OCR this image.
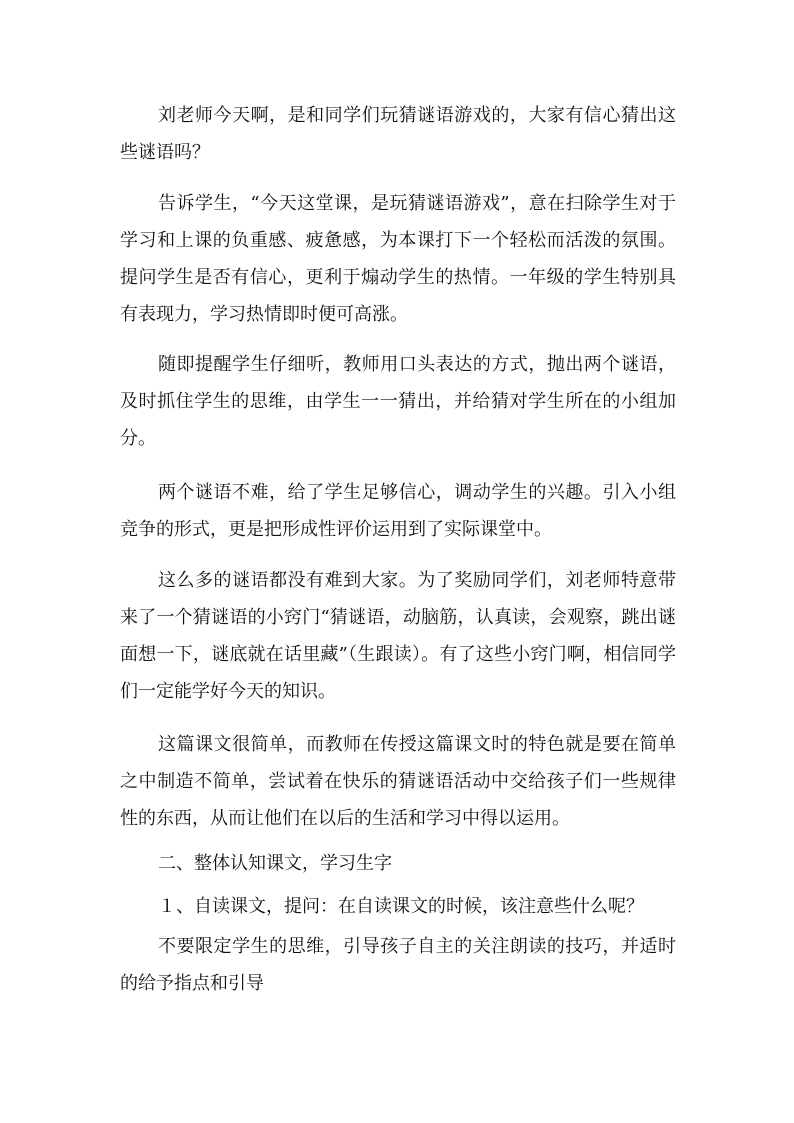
刘老师今天啊，是和同学们玩猜谜语游戏的，大家有信心猜出这些谜语吗？

告诉学生，“今天这堂课，是玩猜谜语游戏”，意在扫除学生对于学习和上课的负重感、疲惫感，为本课打下一个轻松而活泼的氛围。提问学生是否有信心，更利于煽动学生的热情。一年级的学生特别具有表现力，学习热情即时便可高涨。

随即提醒学生仔细听，教师用口头表达的方式，抛出两个谜语，及时抓住学生的思维，由学生一一猜出，并给猜对学生所在的小组加分。

两个谜语不难，给了学生足够信心，调动学生的兴趣。引入小组竞争的形式，更是把形成性评价运用到了实际课堂中。

这么多的谜语都没有难到大家。为了奖励同学们，刘老师特意带来了一个猜谜语的小窍门“猜谜语，动脑筋，认真读，会观察，跳出谜面想一下，谜底就在话里藏”（生跟读）。有了这些小窍门啊，相信同学们一定能学好今天的知识。

这篇课文很简单，而教师在传授这篇课文时的特色就是要在简单之中制造不简单，尝试着在快乐的猜谜语活动中交给孩子们一些规律性的东西，从而让他们在以后的生活和学习中得以运用。

二、整体认知课文，学习生字

１、自读课文，提问：在自读课文的时候，该注意些什么呢？

不要限定学生的思维，引导孩子自主的关注朗读的技巧，并适时的给予指点和引导
